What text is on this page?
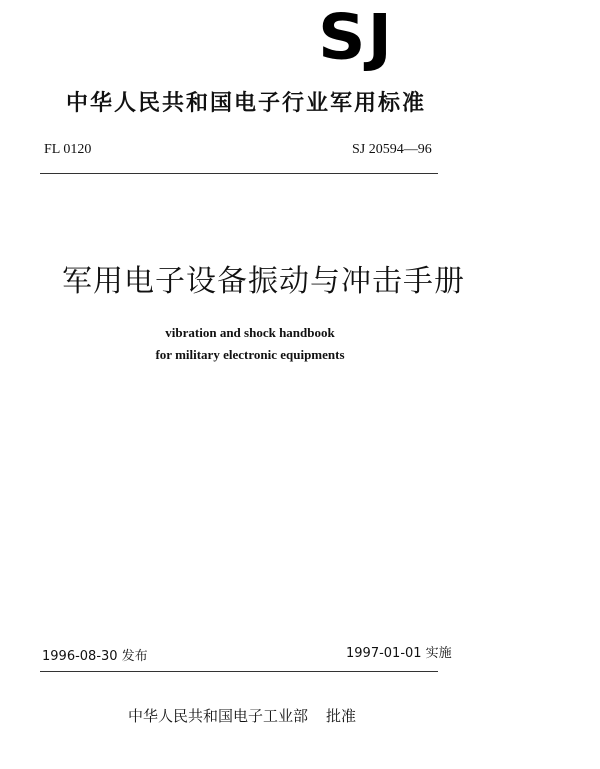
SJ
中华人民共和国电子行业军用标准
FL 0120	SJ 20594—96
军用电子设备振动与冲击手册
vibration and shock handbook
for military electronic equipments
1996-08-30 发布	1997-01-01 实施
中华人民共和国电子工业部 批准
